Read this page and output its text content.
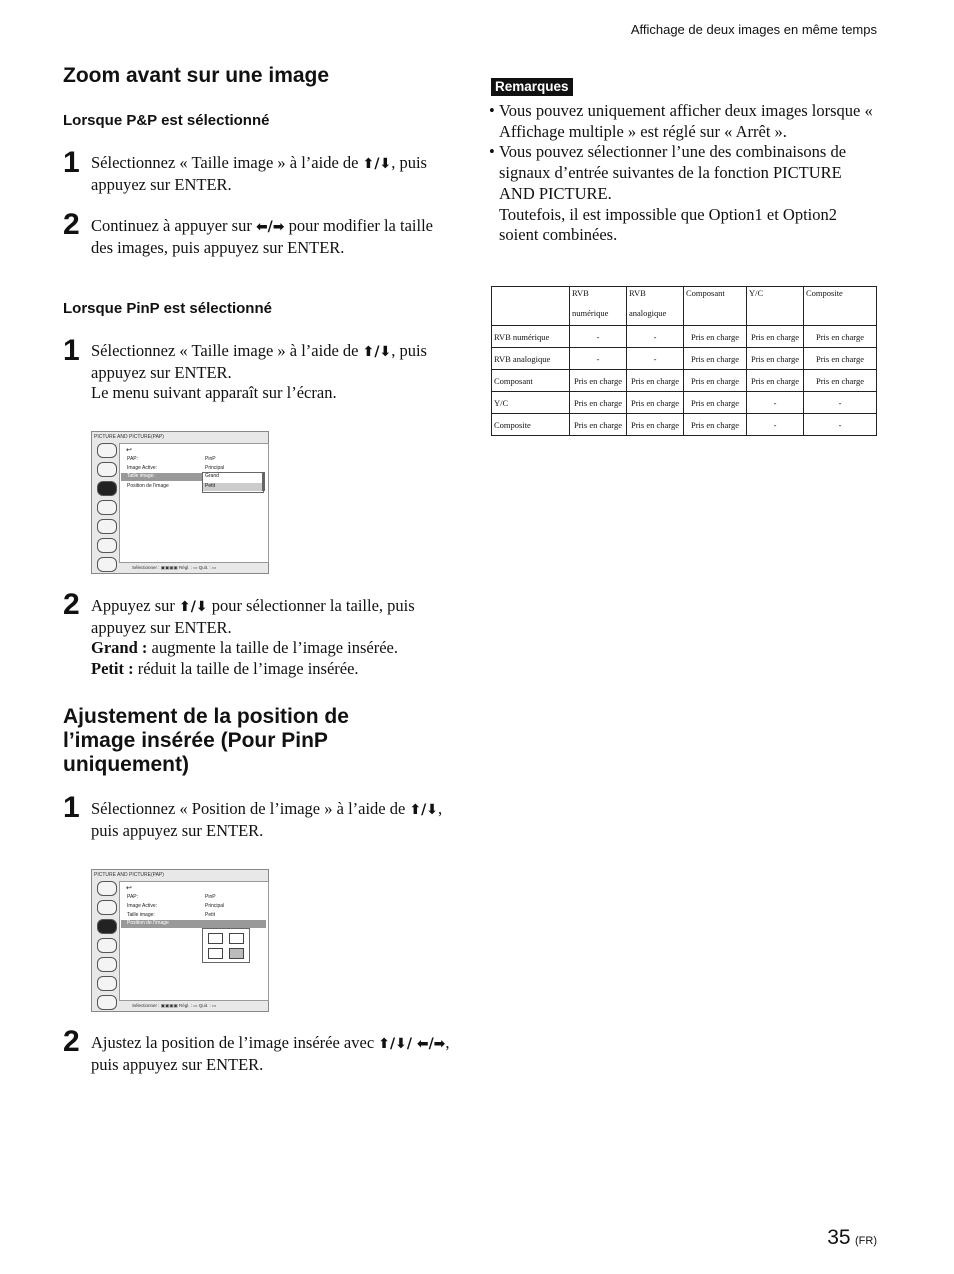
Affichage de deux images en même temps
Zoom avant sur une image
Lorsque P&P est sélectionné
1 Sélectionnez « Taille image » à l’aide de ⬆/⬇, puis appuyez sur ENTER.
2 Continuez à appuyer sur ⬅/➡ pour modifier la taille des images, puis appuyez sur ENTER.
Lorsque PinP est sélectionné
1 Sélectionnez « Taille image » à l’aide de ⬆/⬇, puis appuyez sur ENTER.
Le menu suivant apparaît sur l’écran.
PICTURE AND PICTURE(PAP)
↩
PAP:	PinP
Image Active:	Principal
Taille image:	Grand
Petit
Position de l'image
Sélectionner : ▣▣▣▣ Régl. : ▭ Quit. : ▭
2 Appuyez sur ⬆/⬇ pour sélectionner la taille, puis appuyez sur ENTER.
Grand : augmente la taille de l’image insérée.
Petit : réduit la taille de l’image insérée.
Ajustement de la position de
l’image insérée (Pour PinP
uniquement)
1 Sélectionnez « Position de l’image » à l’aide de ⬆/⬇, puis appuyez sur ENTER.
PICTURE AND PICTURE(PAP)
↩
PAP:	PinP
Image Active:	Principal
Taille image:	Petit
Position de l'image
Sélectionner : ▣▣▣▣ Régl. : ▭ Quit. : ▭
2 Ajustez la position de l’image insérée avec ⬆/⬇/ ⬅/➡, puis appuyez sur ENTER.
Remarques
• Vous pouvez uniquement afficher deux images lorsque « Affichage multiple » est réglé sur « Arrêt ».
• Vous pouvez sélectionner l’une des combinaisons de signaux d’entrée suivantes de la fonction PICTURE AND PICTURE.
Toutefois, il est impossible que Option1 et Option2 soient combinées.
	RVB

numérique	RVB

analogique	Composant	Y/C	Composite
RVB numérique	-	-	Pris en charge	Pris en charge	Pris en charge
RVB analogique	-	-	Pris en charge	Pris en charge	Pris en charge
Composant	Pris en charge	Pris en charge	Pris en charge	Pris en charge	Pris en charge
Y/C	Pris en charge	Pris en charge	Pris en charge	-	-
Composite	Pris en charge	Pris en charge	Pris en charge	-	-
35 (FR)
